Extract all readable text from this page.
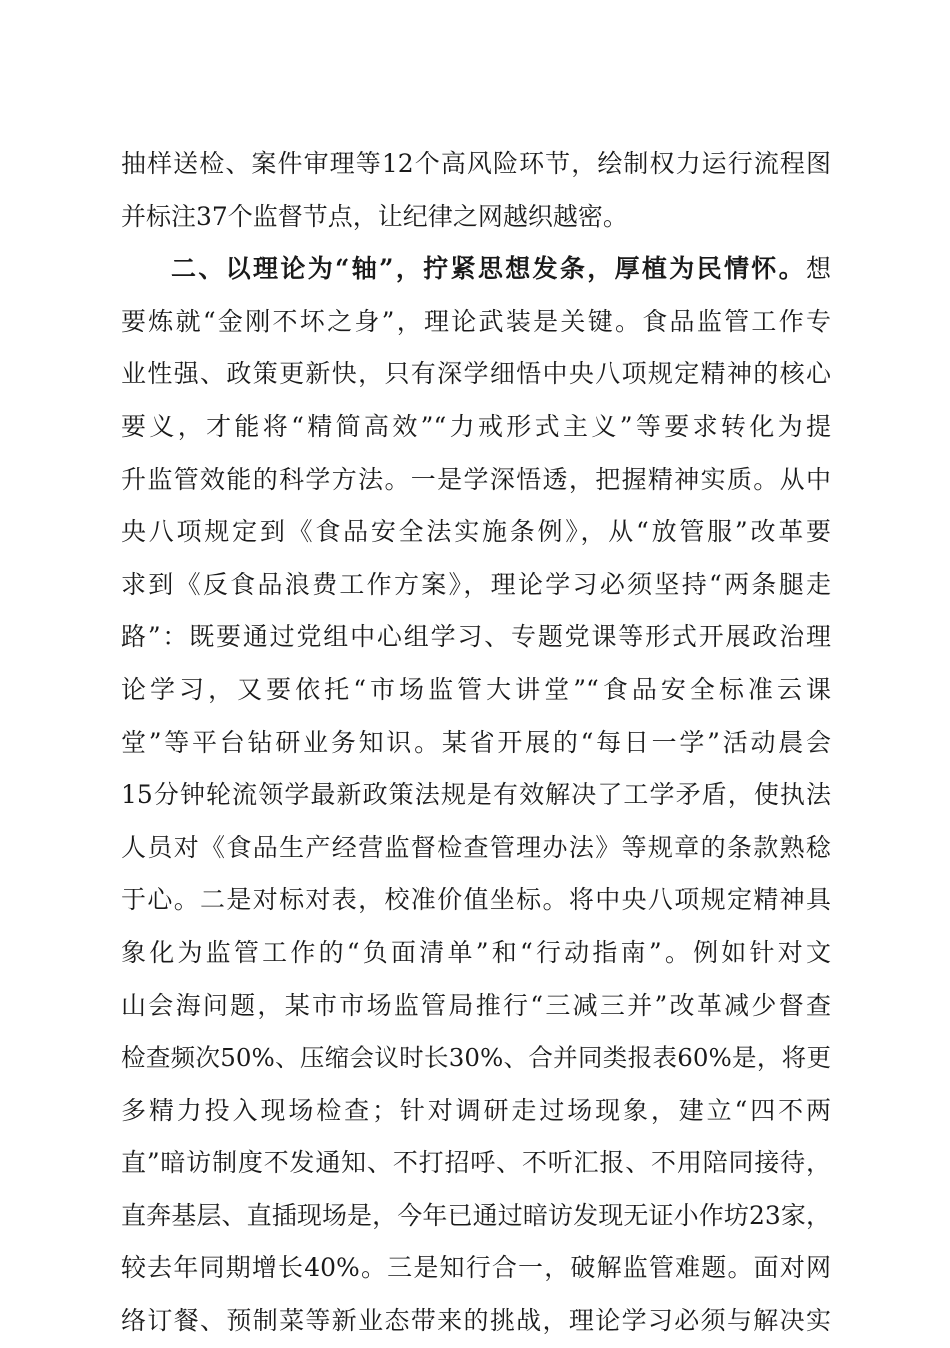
抽样送检、案件审理等12个高风险环节，绘制权力运行流程图
并标注37个监督节点，让纪律之网越织越密。
二、以理论为“轴”，拧紧思想发条，厚植为民情怀。想
要炼就“金刚不坏之身”，理论武装是关键。食品监管工作专
业性强、政策更新快，只有深学细悟中央八项规定精神的核心
要义，才能将“精简高效”“力戒形式主义”等要求转化为提
升监管效能的科学方法。一是学深悟透，把握精神实质。从中
央八项规定到《食品安全法实施条例》，从“放管服”改革要
求到《反食品浪费工作方案》，理论学习必须坚持“两条腿走
路”：既要通过党组中心组学习、专题党课等形式开展政治理
论学习，又要依托“市场监管大讲堂”“食品安全标准云课
堂”等平台钻研业务知识。某省开展的“每日一学”活动晨会
15分钟轮流领学最新政策法规是有效解决了工学矛盾，使执法
人员对《食品生产经营监督检查管理办法》等规章的条款熟稔
于心。二是对标对表，校准价值坐标。将中央八项规定精神具
象化为监管工作的“负面清单”和“行动指南”。例如针对文
山会海问题，某市市场监管局推行“三减三并”改革减少督查
检查频次50%、压缩会议时长30%、合并同类报表60%是，将更
多精力投入现场检查；针对调研走过场现象，建立“四不两
直”暗访制度不发通知、不打招呼、不听汇报、不用陪同接待，
直奔基层、直插现场是，今年已通过暗访发现无证小作坊23家，
较去年同期增长40%。三是知行合一，破解监管难题。面对网
络订餐、预制菜等新业态带来的挑战，理论学习必须与解决实
